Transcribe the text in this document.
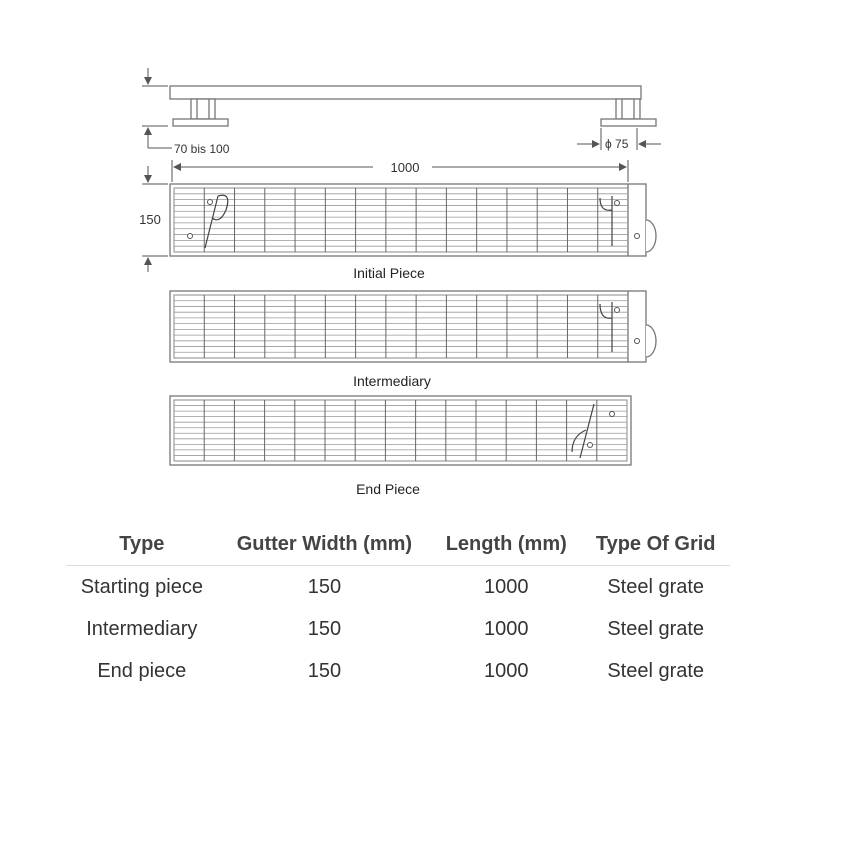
70 bis 100	ϕ 75
1000
150
Initial Piece
Intermediary
End Piece
Type	Gutter Width (mm)	Length (mm)	Type Of Grid
Starting piece	150	1000	Steel grate
Intermediary	150	1000	Steel grate
End piece	150	1000	Steel grate
